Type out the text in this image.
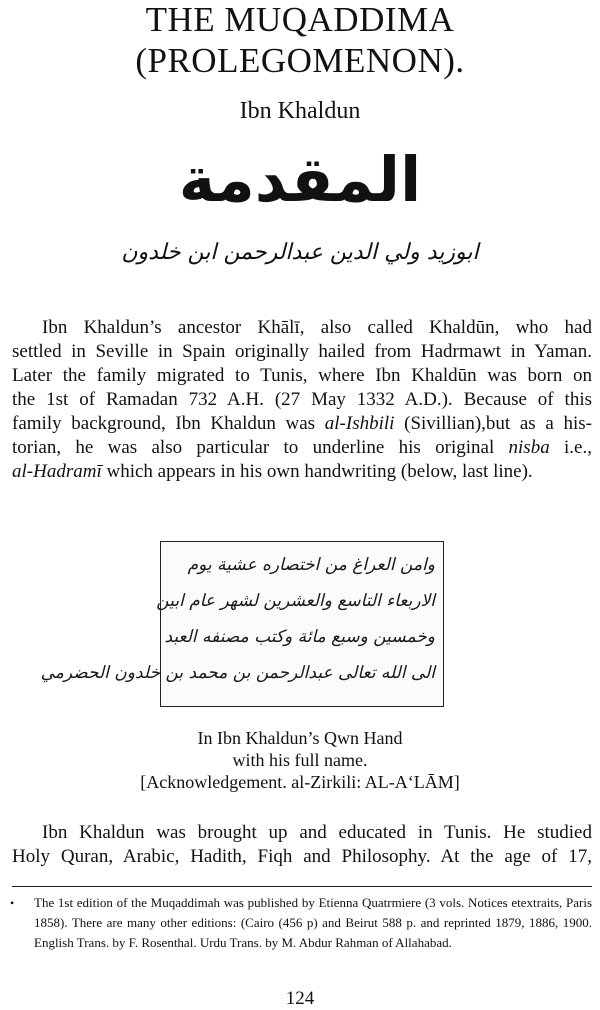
THE MUQADDIMA
(PROLEGOMENON).
Ibn Khaldun
المقدمة
ابوزيد ولي الدين عبدالرحمن ابن خلدون
Ibn Khaldun’s ancestor Khālī, also called Khaldūn, who had
settled in Seville in Spain originally hailed from Hadrmawt in Yaman.
Later the family migrated to Tunis, where Ibn Khaldūn was born on
the 1st of Ramadan 732 A.H. (27 May 1332 A.D.). Because of this
family background, Ibn Khaldun was al-Ishbili (Sivillian),but as a his-
torian, he was also particular to underline his original nisba i.e.,
al-Hadramī which appears in his own handwriting (below, last line).
وامن العراغ من اختصاره عشية يوم
الاربعاء التاسع والعشرين لشهر عام ابين
وخمسين وسبع مائة وكتب مصنفه العبد
الى الله تعالى عبدالرحمن بن محمد بن خلدون الحضرمي
In Ibn Khaldun’s Qwn Hand
with his full name.
[Acknowledgement. al-Zirkili: AL-A‘LĀM]
Ibn Khaldun was brought up and educated in Tunis. He studied
Holy Quran, Arabic, Hadith, Fiqh and Philosophy. At the age of 17,
• The 1st edition of the Muqaddimah was published by Etienna Quatrmiere (3 vols. Notices etextraits, Paris 1858). There are many other editions: (Cairo (456 p) and Beirut 588 p. and reprinted 1879, 1886, 1900. English Trans. by F. Rosenthal. Urdu Trans. by M. Abdur Rahman of Allahabad.
124
